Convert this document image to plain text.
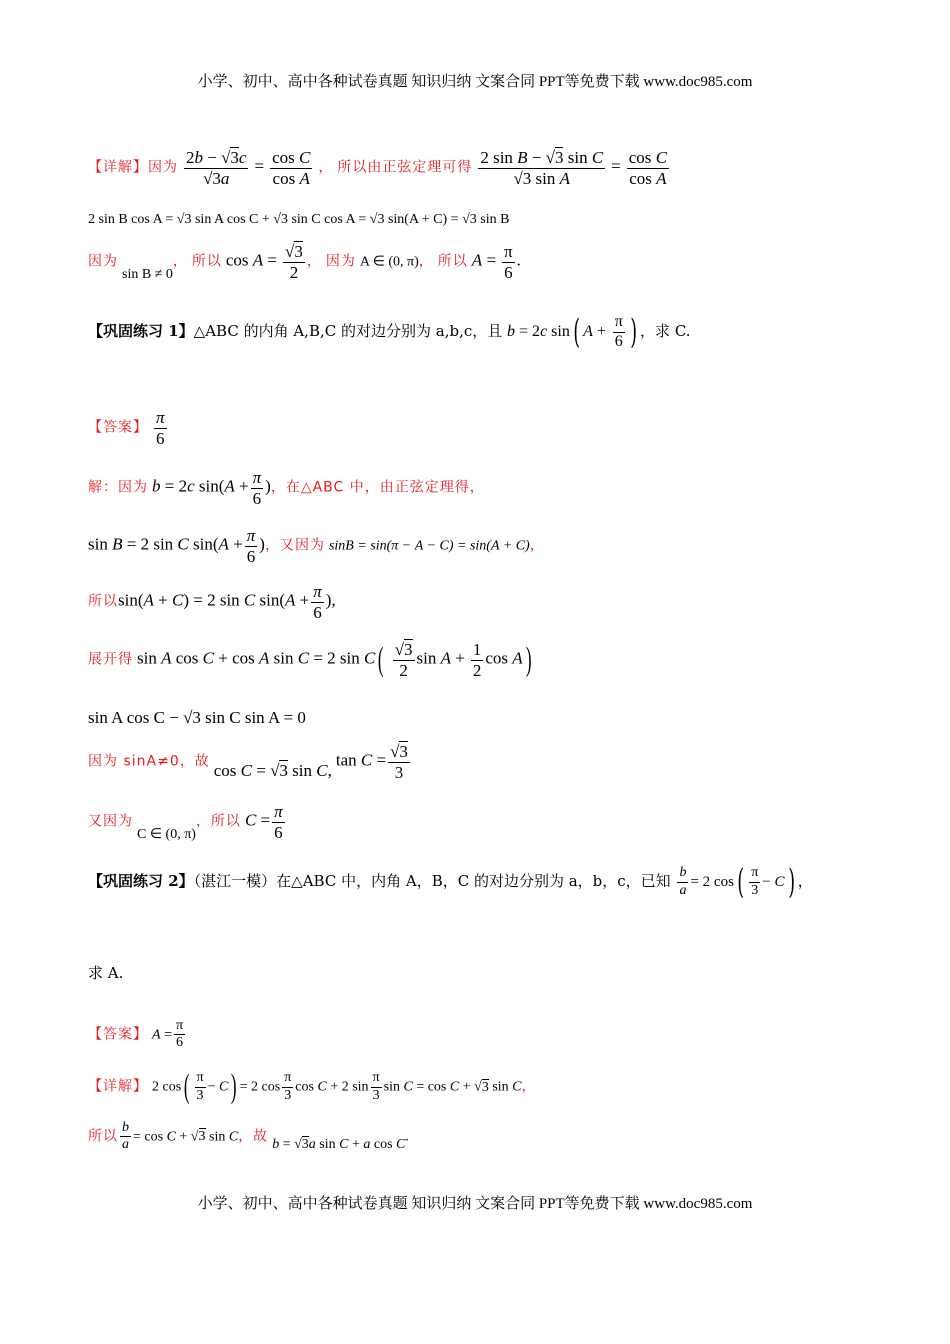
小学、初中、高中各种试卷真题 知识归纳 文案合同 PPT等免费下载 www.doc985.com
【详解】因为 $\frac{2b - √3c}{√3a} = \frac{\text{cos C}}{\text{cos A}}$ ， 所以由正弦定理可得 $\frac{\text{2 sin B − √3 sin C}}{\text{√3 sin A}} = \frac{\text{cos C}}{\text{cos A}}$
2 sin B cos A = √3 sin A cos C + √3 sin C cos A = √3 sin(A + C) = √3 sin B
因为 sin B ≠ 0， 所以 $\cos A = \frac{√3}{2}$ ， 因为 A ∈ (0, π)， 所以 $A = \frac{\pi}{6}$ .
【巩固练习 1】△ABC 的内角 A,B,C 的对边分别为 a,b,c，且 b = 2c sin( $A + \frac{\pi}{6}$ ) ，求 C.
【答案】 $\frac{\pi}{6}$
解：因为 b = 2c $\sin(A + \frac{\pi}{6}$ )，在△ABC 中，由正弦定理得，
sin B = 2 sin C $\sin(A + \frac{\pi}{6}$ )，又因为 sinB = sin(π − A − C) = sin(A + C)，
所以sin(A + C) = 2 sin C $\sin(A + \frac{\pi}{6}$ ),
展开得 sin A cos C + cos A sin C = 2 $\sin C( \frac{√3}{2}$ $\sin A + \frac{1}{2}$ cos A)
sin A cos C − √3 sin C sin A = 0
因为 sinA≠0，故 cos C = √3 sin C, $\tan C = \frac{√3}{3}$
又因为 C ∈ (0, π)，所以 $C = \frac{\pi}{6}$
【巩固练习 2】（湛江一模）在△ABC 中，内角 A，B，C 的对边分别为 a，b，c，已知 $\frac{b}{a} = 2$ $\cos( \frac{\pi}{3} - C)$ ，
求 A.
【答案】 $A = \frac{\pi}{6}$
【详解】 2 $\cos( \frac{\pi}{3} - C) = 2$ $\cos \frac{\pi}{3}$ cos C + 2 $\sin \frac{\pi}{3}$ sin C = cos C + √3 sin C，
所以 $\frac{b}{a} = \cos C + √3$ sin C，故 b = √3a sin C + a cos C.
小学、初中、高中各种试卷真题 知识归纳 文案合同 PPT等免费下载 www.doc985.com
